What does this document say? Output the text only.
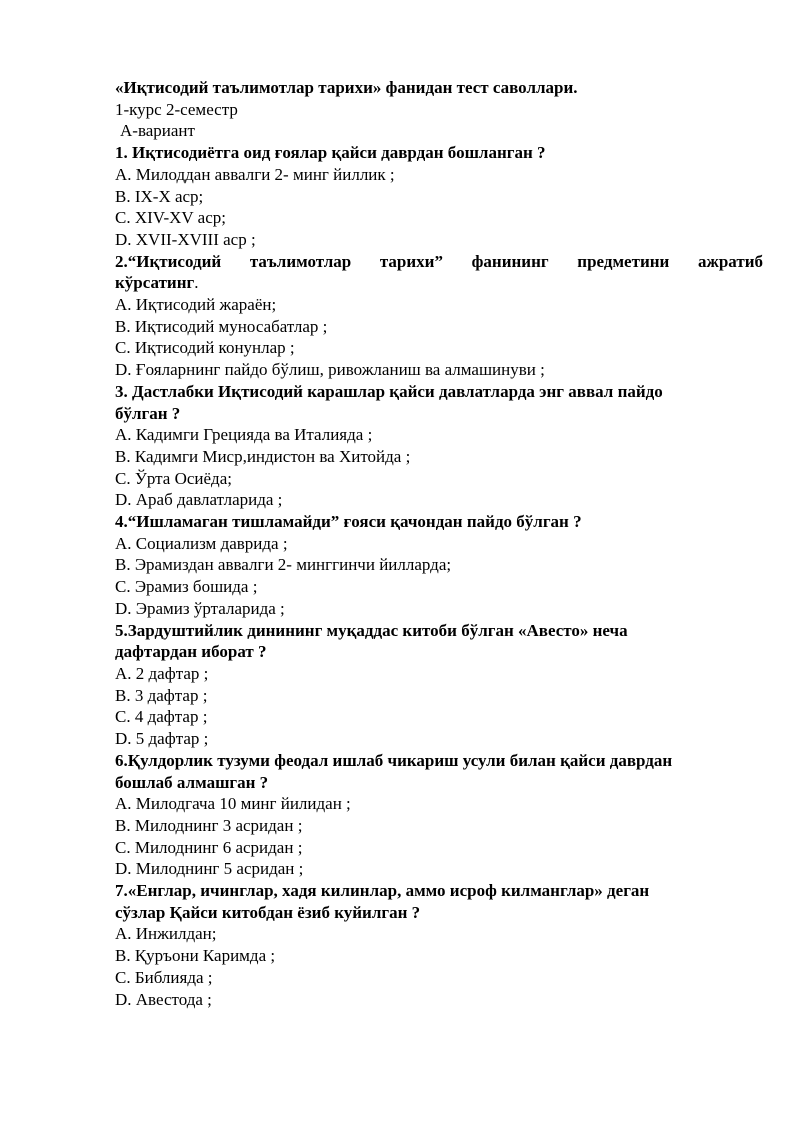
«Иқтисодий таълимотлар тарихи» фанидан тест саволлари.
1-курс 2-семестр
А-вариант
1. Иқтисодиётга оид ғоялар қайси даврдан бошланган ?
А. Милоддан аввалги 2- минг йиллик ;
В. IX-X аср;
С. XIV-XV аср;
D. XVII-XVIII аср ;
2.“Иқтисодий таълимотлар тарихи” фанининг предметини ажратиб
кўрсатинг.
А. Иқтисодий жараён;
В. Иқтисодий муносабатлар ;
С. Иқтисодий конунлар ;
D. Ғояларнинг пайдо бўлиш, ривожланиш ва алмашинуви ;
3. Дастлабки Иқтисодий карашлар қайси давлатларда энг аввал пайдо
бўлган ?
А. Кадимги Грецияда ва Италияда ;
В. Кадимги Миср,индистон ва Хитойда ;
С. Ўрта Осиёда;
D. Араб давлатларида ;
4.“Ишламаган тишламайди” ғояси қачондан пайдо бўлган ?
А. Социализм даврида ;
В. Эрамиздан аввалги 2- минггинчи йилларда;
С. Эрамиз бошида ;
D. Эрамиз ўрталарида ;
5.Зардуштийлик динининг муқаддас китоби бўлган «Авесто» неча
дафтардан иборат ?
А. 2 дафтар ;
В. 3 дафтар ;
С. 4 дафтар ;
D. 5 дафтар ;
6.Қулдорлик тузуми феодал ишлаб чикариш усули билан қайси даврдан
бошлаб алмашган ?
А. Милодгача 10 минг йилидан ;
В. Милоднинг 3 асридан ;
С. Милоднинг 6 асридан ;
D. Милоднинг 5 асридан ;
7.«Енглар, ичинглар, хадя килинлар, аммо исроф килманглар» деган
сўзлар Қайси китобдан ёзиб куйилган ?
А. Инжилдан;
В. Қуръони Каримда ;
С. Библияда ;
D. Авестода ;
